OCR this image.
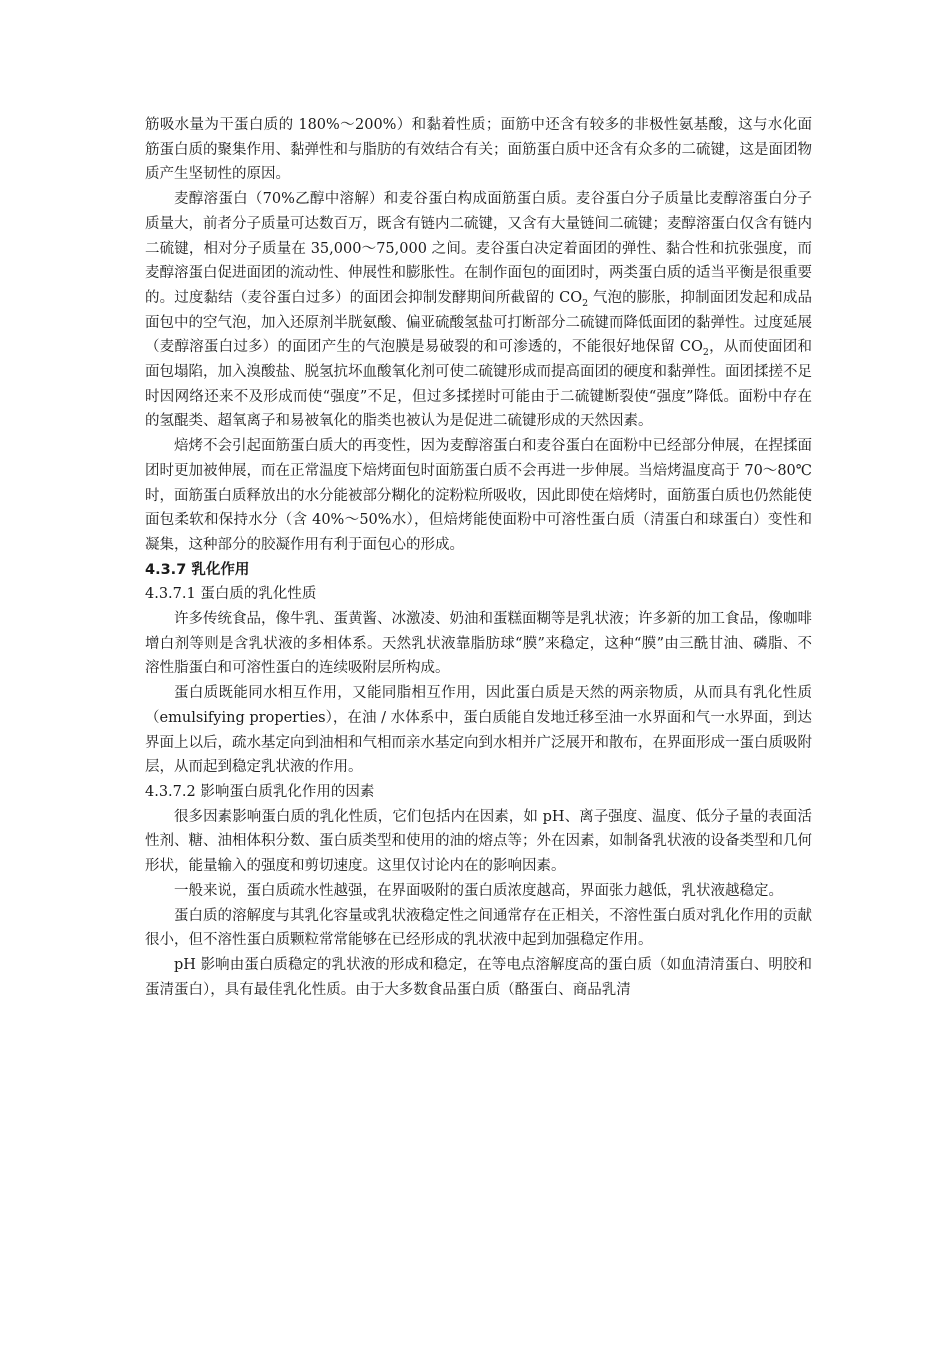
筋吸水量为干蛋白质的 180%～200%）和黏着性质；面筋中还含有较多的非极性氨基酸，这与水化面筋蛋白质的聚集作用、黏弹性和与脂肪的有效结合有关；面筋蛋白质中还含有众多的二硫键，这是面团物质产生坚韧性的原因。

麦醇溶蛋白（70%乙醇中溶解）和麦谷蛋白构成面筋蛋白质。麦谷蛋白分子质量比麦醇溶蛋白分子质量大，前者分子质量可达数百万，既含有链内二硫键，又含有大量链间二硫键；麦醇溶蛋白仅含有链内二硫键，相对分子质量在 35,000～75,000 之间。麦谷蛋白决定着面团的弹性、黏合性和抗张强度，而麦醇溶蛋白促进面团的流动性、伸展性和膨胀性。在制作面包的面团时，两类蛋白质的适当平衡是很重要的。过度黏结（麦谷蛋白过多）的面团会抑制发酵期间所截留的 $CO_2$ 气泡的膨胀，抑制面团发起和成品面包中的空气泡，加入还原剂半胱氨酸、偏亚硫酸氢盐可打断部分二硫键而降低面团的黏弹性。过度延展（麦醇溶蛋白过多）的面团产生的气泡膜是易破裂的和可渗透的，不能很好地保留 $CO_2$，从而使面团和面包塌陷，加入溴酸盐、脱氢抗坏血酸氧化剂可使二硫键形成而提高面团的硬度和黏弹性。面团揉搓不足时因网络还来不及形成而使“强度”不足，但过多揉搓时可能由于二硫键断裂使“强度”降低。面粉中存在的氢醌类、超氧离子和易被氧化的脂类也被认为是促进二硫键形成的天然因素。

焙烤不会引起面筋蛋白质大的再变性，因为麦醇溶蛋白和麦谷蛋白在面粉中已经部分伸展，在捏揉面团时更加被伸展，而在正常温度下焙烤面包时面筋蛋白质不会再进一步伸展。当焙烤温度高于 70～80℃时，面筋蛋白质释放出的水分能被部分糊化的淀粉粒所吸收，因此即使在焙烤时，面筋蛋白质也仍然能使面包柔软和保持水分（含 40%～50%水），但焙烤能使面粉中可溶性蛋白质（清蛋白和球蛋白）变性和凝集，这种部分的胶凝作用有利于面包心的形成。

4.3.7 乳化作用

4.3.7.1 蛋白质的乳化性质

许多传统食品，像牛乳、蛋黄酱、冰激凌、奶油和蛋糕面糊等是乳状液；许多新的加工食品，像咖啡增白剂等则是含乳状液的多相体系。天然乳状液靠脂肪球“膜”来稳定，这种“膜”由三酰甘油、磷脂、不溶性脂蛋白和可溶性蛋白的连续吸附层所构成。

蛋白质既能同水相互作用，又能同脂相互作用，因此蛋白质是天然的两亲物质，从而具有乳化性质（emulsifying properties），在油 / 水体系中，蛋白质能自发地迁移至油一水界面和气一水界面，到达界面上以后，疏水基定向到油相和气相而亲水基定向到水相并广泛展开和散布，在界面形成一蛋白质吸附层，从而起到稳定乳状液的作用。

4.3.7.2 影响蛋白质乳化作用的因素

很多因素影响蛋白质的乳化性质，它们包括内在因素，如 pH、离子强度、温度、低分子量的表面活性剂、糖、油相体积分数、蛋白质类型和使用的油的熔点等；外在因素，如制备乳状液的设备类型和几何形状，能量输入的强度和剪切速度。这里仅讨论内在的影响因素。

一般来说，蛋白质疏水性越强，在界面吸附的蛋白质浓度越高，界面张力越低，乳状液越稳定。

蛋白质的溶解度与其乳化容量或乳状液稳定性之间通常存在正相关，不溶性蛋白质对乳化作用的贡献很小，但不溶性蛋白质颗粒常常能够在已经形成的乳状液中起到加强稳定作用。

pH 影响由蛋白质稳定的乳状液的形成和稳定，在等电点溶解度高的蛋白质（如血清清蛋白、明胶和蛋清蛋白），具有最佳乳化性质。由于大多数食品蛋白质（酪蛋白、商品乳清
